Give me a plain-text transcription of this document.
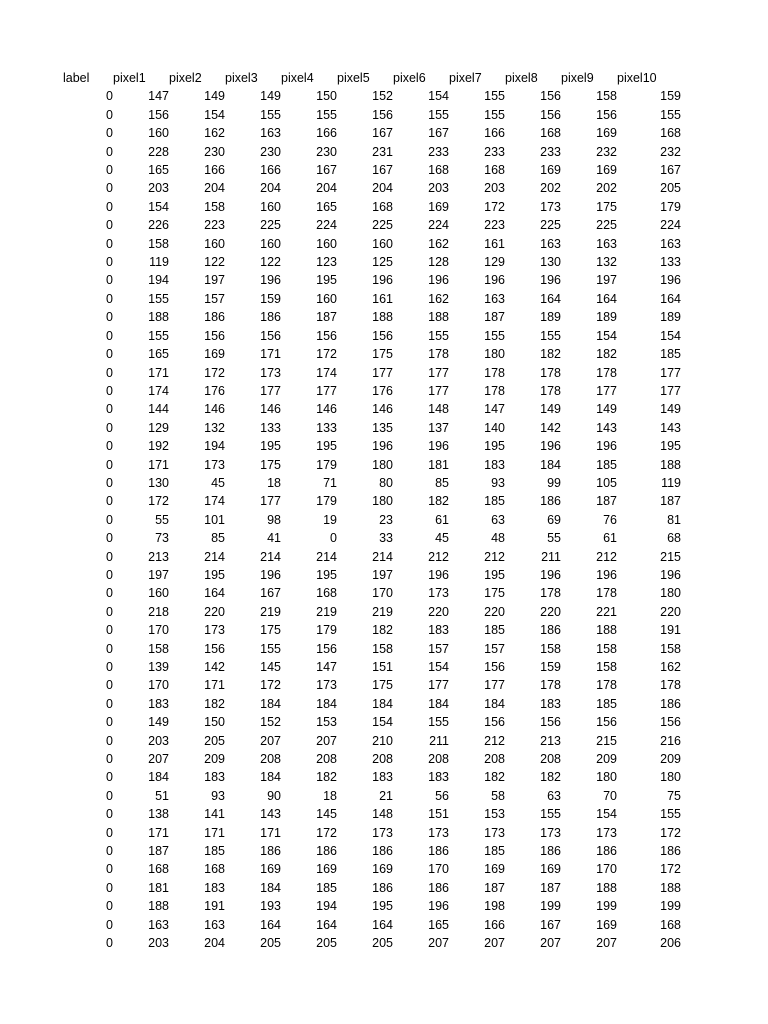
label	pixel1	pixel2	pixel3	pixel4	pixel5	pixel6	pixel7	pixel8	pixel9	pixel10
0	147	149	149	150	152	154	155	156	158	159
0	156	154	155	155	156	155	155	156	156	155
0	160	162	163	166	167	167	166	168	169	168
0	228	230	230	230	231	233	233	233	232	232
0	165	166	166	167	167	168	168	169	169	167
0	203	204	204	204	204	203	203	202	202	205
0	154	158	160	165	168	169	172	173	175	179
0	226	223	225	224	225	224	223	225	225	224
0	158	160	160	160	160	162	161	163	163	163
0	119	122	122	123	125	128	129	130	132	133
0	194	197	196	195	196	196	196	196	197	196
0	155	157	159	160	161	162	163	164	164	164
0	188	186	186	187	188	188	187	189	189	189
0	155	156	156	156	156	155	155	155	154	154
0	165	169	171	172	175	178	180	182	182	185
0	171	172	173	174	177	177	178	178	178	177
0	174	176	177	177	176	177	178	178	177	177
0	144	146	146	146	146	148	147	149	149	149
0	129	132	133	133	135	137	140	142	143	143
0	192	194	195	195	196	196	195	196	196	195
0	171	173	175	179	180	181	183	184	185	188
0	130	45	18	71	80	85	93	99	105	119
0	172	174	177	179	180	182	185	186	187	187
0	55	101	98	19	23	61	63	69	76	81
0	73	85	41	0	33	45	48	55	61	68
0	213	214	214	214	214	212	212	211	212	215
0	197	195	196	195	197	196	195	196	196	196
0	160	164	167	168	170	173	175	178	178	180
0	218	220	219	219	219	220	220	220	221	220
0	170	173	175	179	182	183	185	186	188	191
0	158	156	155	156	158	157	157	158	158	158
0	139	142	145	147	151	154	156	159	158	162
0	170	171	172	173	175	177	177	178	178	178
0	183	182	184	184	184	184	184	183	185	186
0	149	150	152	153	154	155	156	156	156	156
0	203	205	207	207	210	211	212	213	215	216
0	207	209	208	208	208	208	208	208	209	209
0	184	183	184	182	183	183	182	182	180	180
0	51	93	90	18	21	56	58	63	70	75
0	138	141	143	145	148	151	153	155	154	155
0	171	171	171	172	173	173	173	173	173	172
0	187	185	186	186	186	186	185	186	186	186
0	168	168	169	169	169	170	169	169	170	172
0	181	183	184	185	186	186	187	187	188	188
0	188	191	193	194	195	196	198	199	199	199
0	163	163	164	164	164	165	166	167	169	168
0	203	204	205	205	205	207	207	207	207	206
